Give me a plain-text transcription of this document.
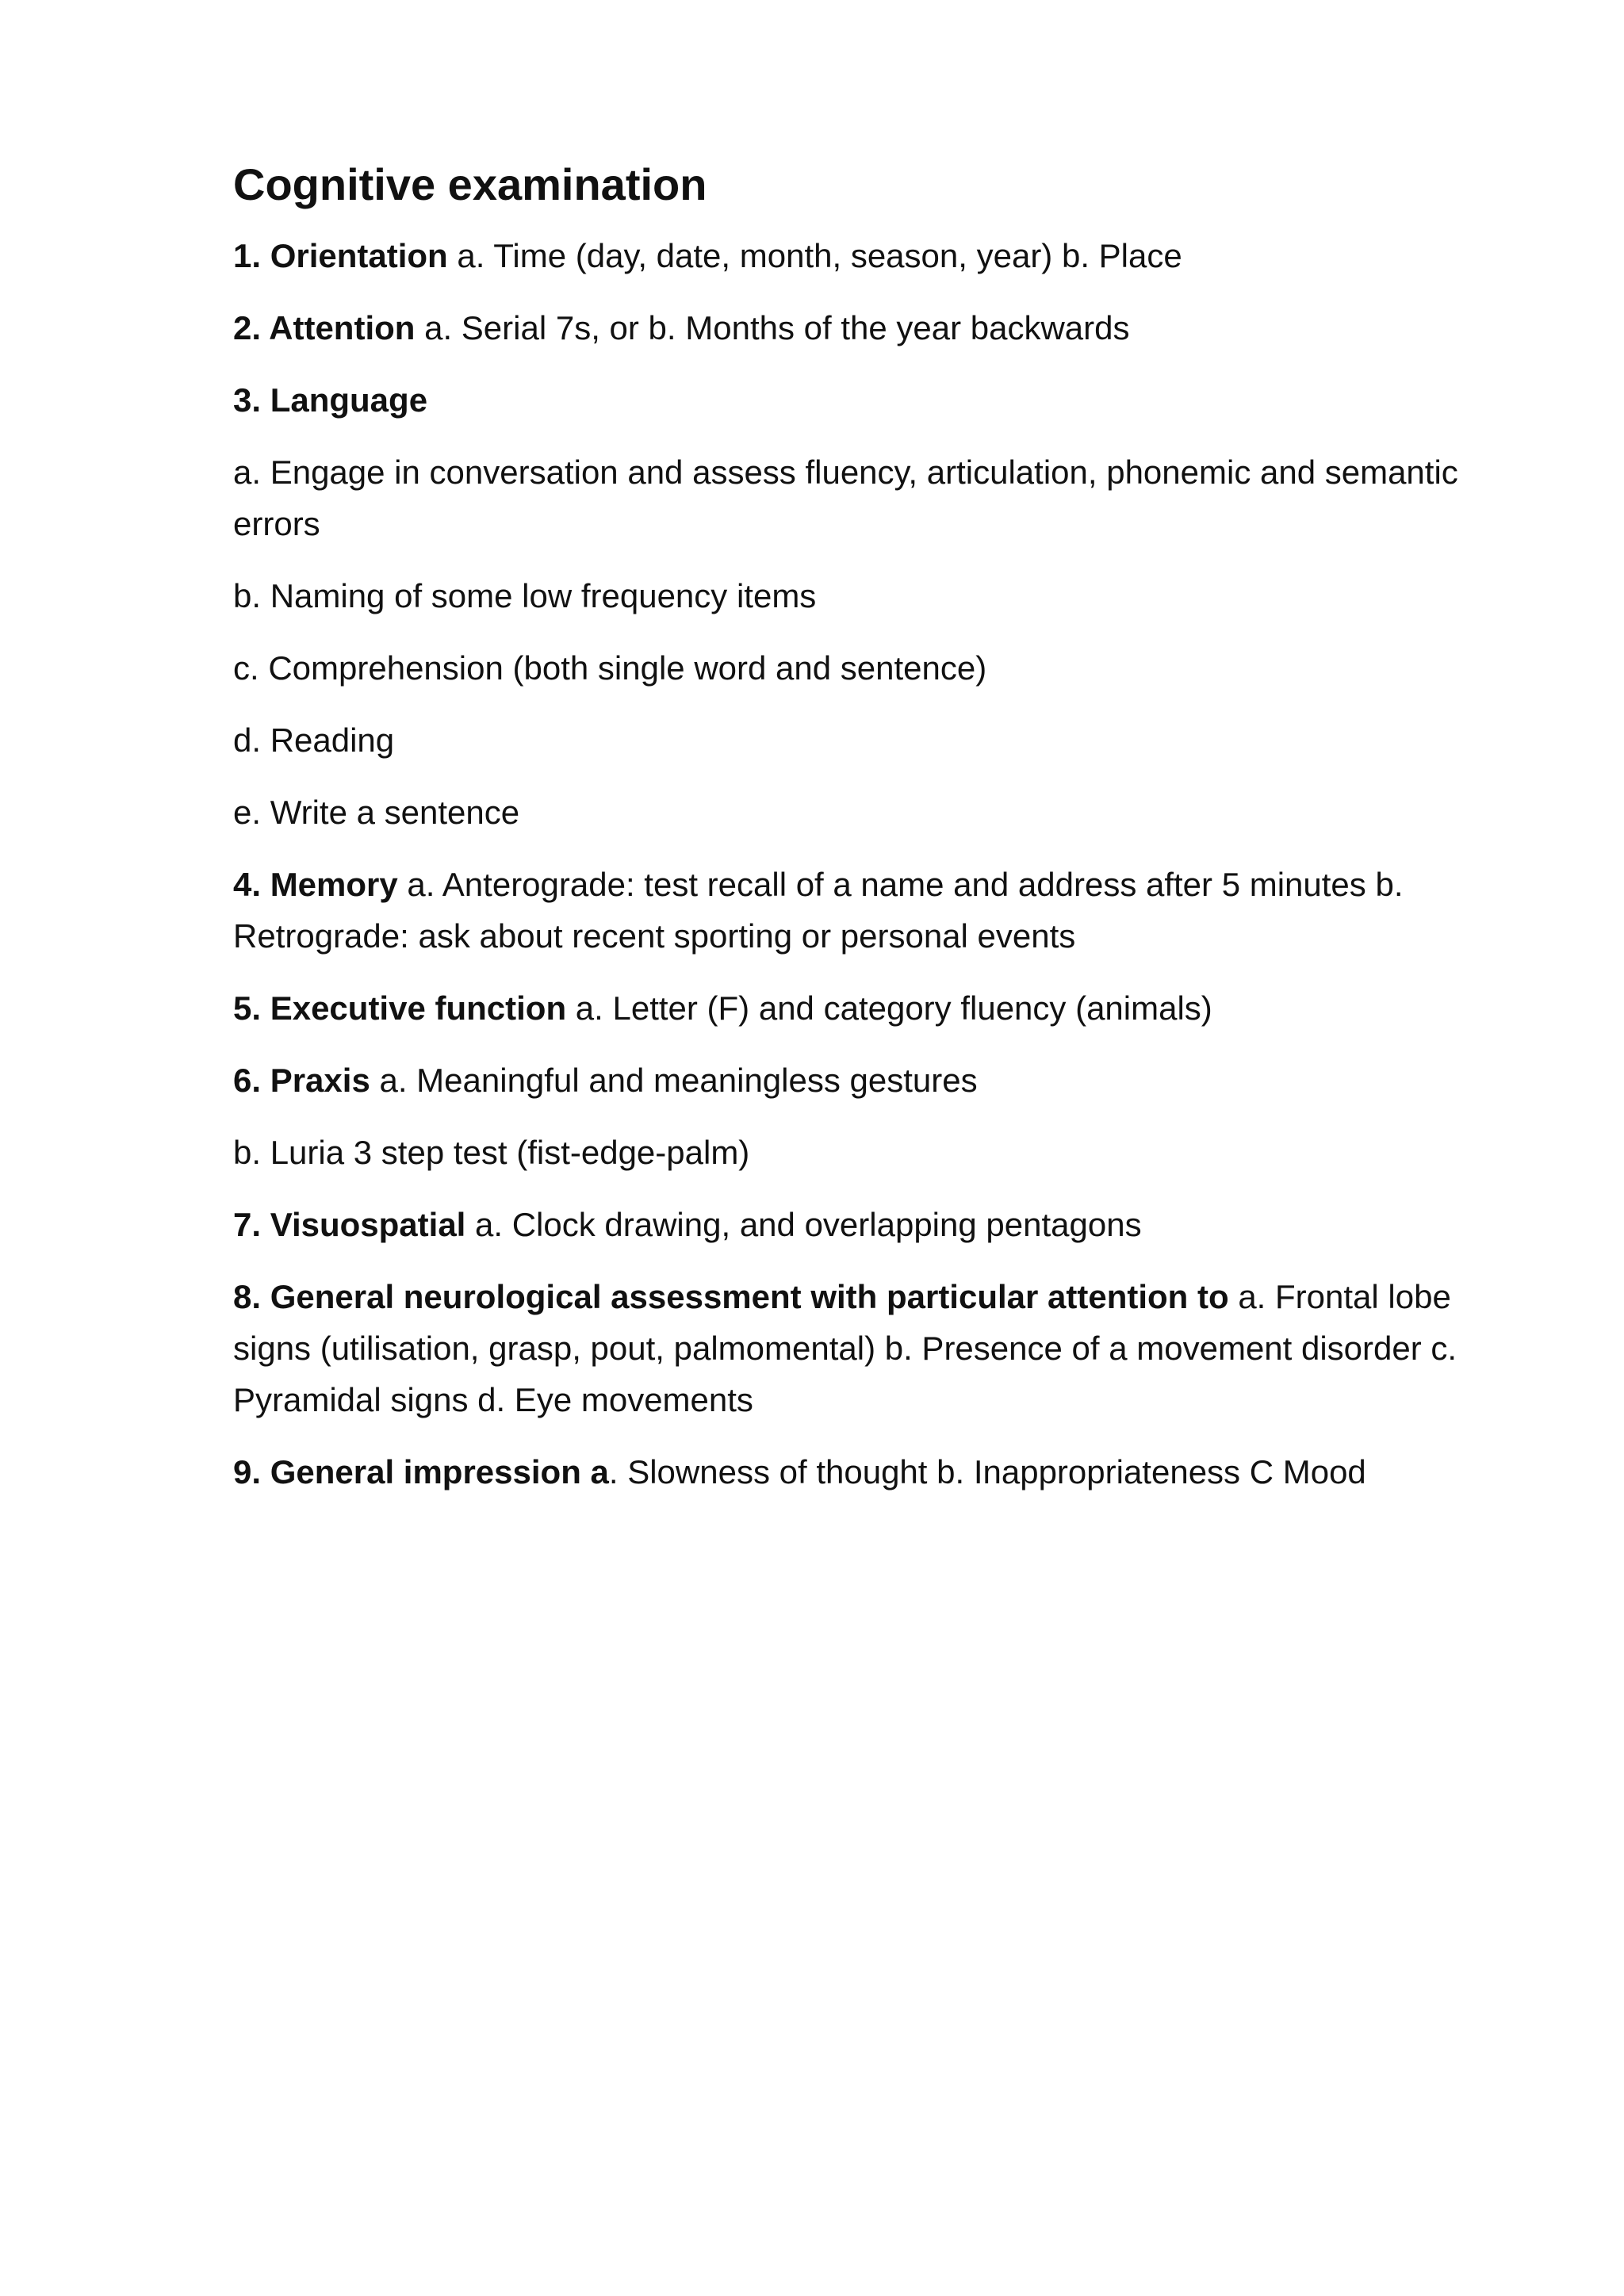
Cognitive examination

1. Orientation a. Time (day, date, month, season, year) b. Place

2. Attention a. Serial 7s, or b. Months of the year backwards

3. Language

a. Engage in conversation and assess fluency, articulation, phonemic and semantic errors

b. Naming of some low frequency items

c. Comprehension (both single word and sentence)

d. Reading

e. Write a sentence

4. Memory a. Anterograde: test recall of a name and address after 5 minutes b. Retrograde: ask about recent sporting or personal events

5. Executive function a. Letter (F) and category fluency (animals)

6. Praxis a. Meaningful and meaningless gestures

b. Luria 3 step test (fist-edge-palm)

7. Visuospatial a. Clock drawing, and overlapping pentagons

8. General neurological assessment with particular attention to a. Frontal lobe signs (utilisation, grasp, pout, palmomental) b. Presence of a movement disorder c. Pyramidal signs d. Eye movements

9. General impression a. Slowness of thought b. Inappropriateness C Mood
